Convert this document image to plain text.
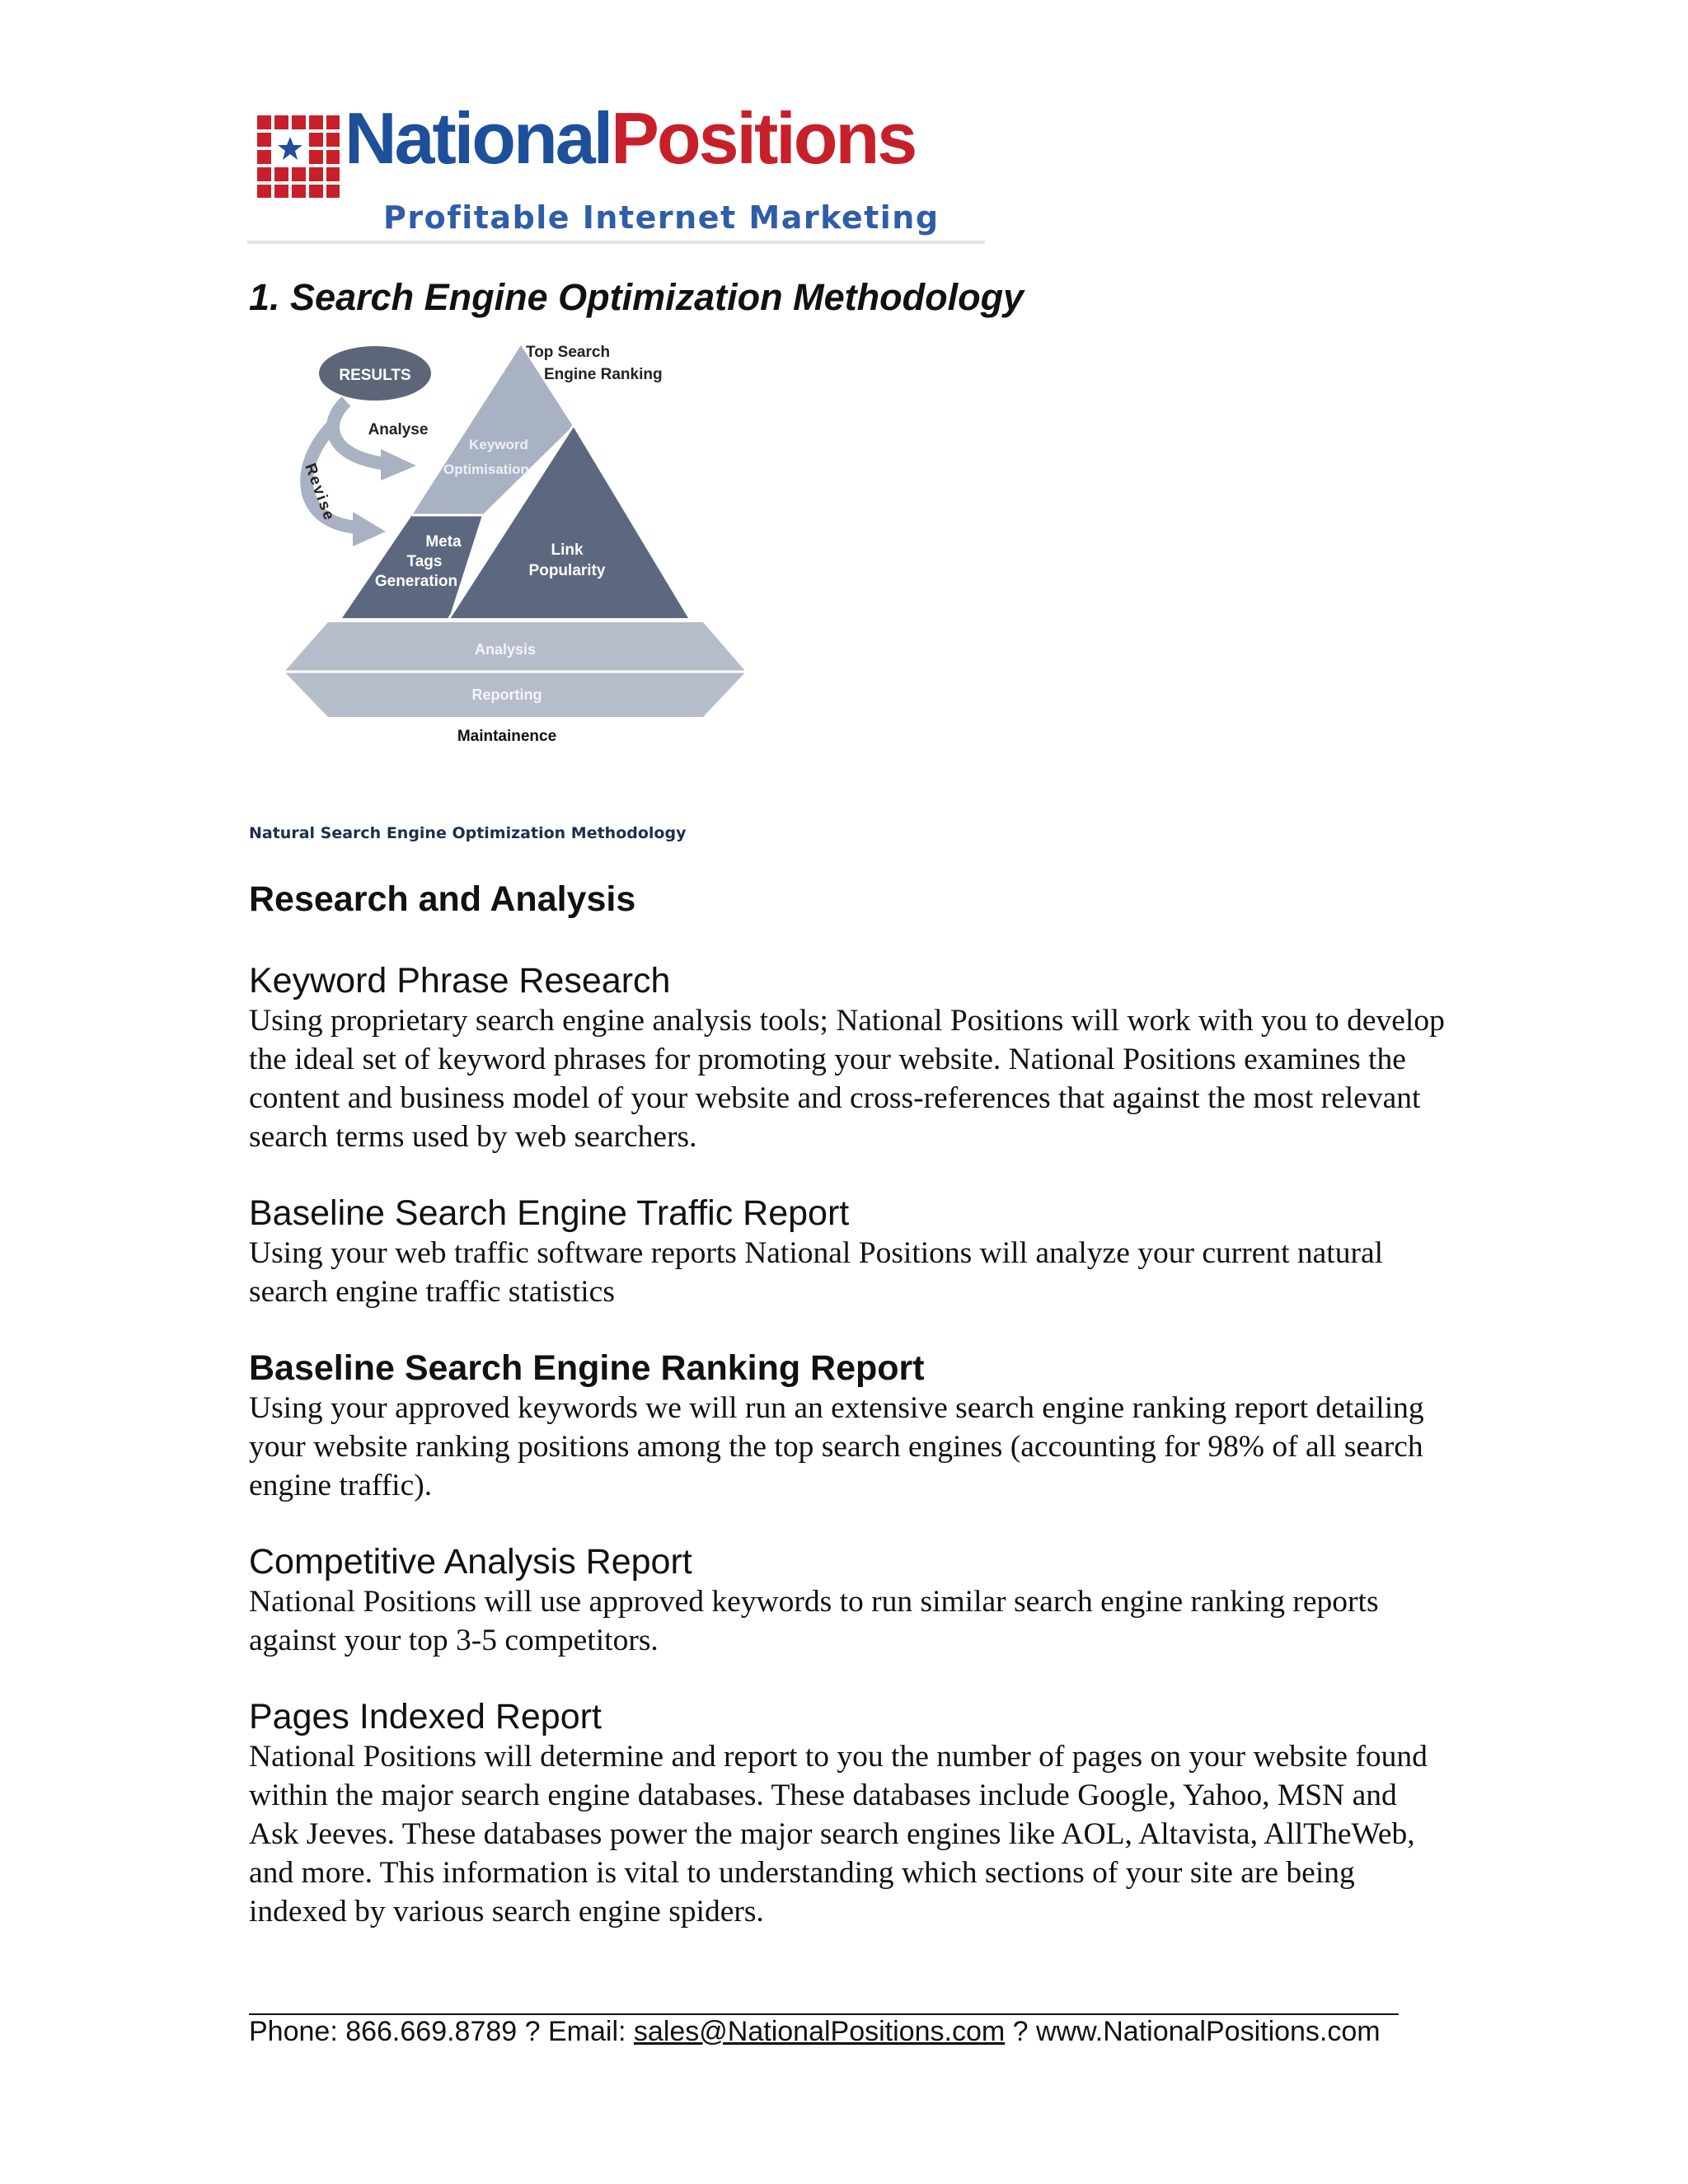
NationalPositions
Profitable Internet Marketing
1. Search Engine Optimization Methodology
RESULTS
Analyse
Revise
Top Search
Engine Ranking
Keyword
Optimisation
Meta
Tags
Generation
Link
Popularity
Analysis
Reporting
Maintainence
Natural Search Engine Optimization Methodology
Research and Analysis
Keyword Phrase Research

Using proprietary search engine analysis tools; National Positions will work with you to develop the ideal set of keyword phrases for promoting your website. National Positions examines the content and business model of your website and cross-references that against the most relevant search terms used by web searchers.

Baseline Search Engine Traffic Report

Using your web traffic software reports National Positions will analyze your current natural search engine traffic statistics

Baseline Search Engine Ranking Report

Using your approved keywords we will run an extensive search engine ranking report detailing your website ranking positions among the top search engines (accounting for 98% of all search engine traffic).

Competitive Analysis Report

National Positions will use approved keywords to run similar search engine ranking reports against your top 3-5 competitors.

Pages Indexed Report

National Positions will determine and report to you the number of pages on your website found within the major search engine databases. These databases include Google, Yahoo, MSN and Ask Jeeves. These databases power the major search engines like AOL, Altavista, AllTheWeb, and more. This information is vital to understanding which sections of your site are being indexed by various search engine spiders.

Phone: 866.669.8789 ? Email: sales@NationalPositions.com ? www.NationalPositions.com
